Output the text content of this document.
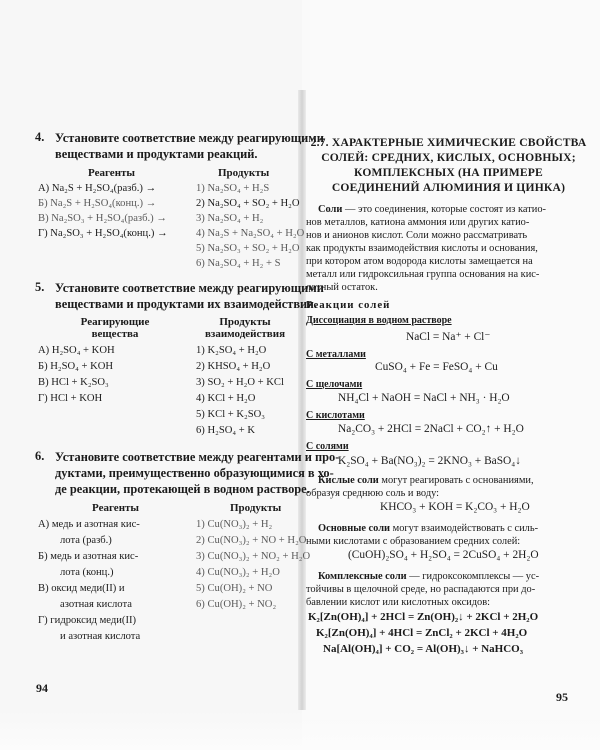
4. Установите соответствие между реагирующими
веществами и продуктами реакций.
Реагенты	Продукты
А) Na₂S + H₂SO₄(разб.) →
Б) Na₂S + H₂SO₄(конц.) →
В) Na₂SO₃ + H₂SO₄(разб.) →
Г) Na₂SO₃ + H₂SO₄(конц.) →
1) Na₂SO₄ + H₂S
2) Na₂SO₄ + SO₂ + H₂O
3) Na₂SO₄ + H₂
4) Na₂S + Na₂SO₄ + H₂O
5) Na₂SO₃ + SO₂ + H₂O
6) Na₂SO₄ + H₂ + S
5. Установите соответствие между реагирующими
веществами и продуктами их взаимодействия.
Реагирующие
вещества
Продукты
взаимодействия
А) H₂SO₄ + KOH
Б) H₂SO₄ + KOH
В) HCl + K₂SO₃
Г) HCl + KOH
1) K₂SO₄ + H₂O
2) KHSO₄ + H₂O
3) SO₂ + H₂O + KCl
4) KCl + H₂O
5) KCl + K₂SO₃
6) H₂SO₄ + K
6. Установите соответствие между реагентами и про-
дуктами, преимущественно образующимися в хо-
де реакции, протекающей в водном растворе.
Реагенты	Продукты
А) медь и азотная кис-
лота (разб.)
Б) медь и азотная кис-
лота (конц.)
В) оксид меди(II) и
азотная кислота
Г) гидроксид меди(II)
и азотная кислота
1) Cu(NO₃)₂ + H₂
2) Cu(NO₃)₂ + NO + H₂O
3) Cu(NO₃)₂ + NO₂ + H₂O
4) Cu(NO₃)₂ + H₂O
5) Cu(OH)₂ + NO
6) Cu(OH)₂ + NO₂
94
2.7. ХАРАКТЕРНЫЕ ХИМИЧЕСКИЕ СВОЙСТВА
СОЛЕЙ: СРЕДНИХ, КИСЛЫХ, ОСНОВНЫХ;
КОМПЛЕКСНЫХ (НА ПРИМЕРЕ
СОЕДИНЕНИЙ АЛЮМИНИЯ И ЦИНКА)
Соли — это соединения, которые состоят из катио-
нов металлов, катиона аммония или других катио-
нов и анионов кислот. Соли можно рассматривать
как продукты взаимодействия кислоты и основания,
при котором атом водорода кислоты замещается на
металл или гидроксильная группа основания на кис-
лотный остаток.
Реакции солей
Диссоциация в водном растворе
NaCl = Na⁺ + Cl⁻
С металлами
CuSO₄ + Fe = FeSO₄ + Cu
С щелочами
NH₄Cl + NaOH = NaCl + NH₃ · H₂O
С кислотами
Na₂CO₃ + 2HCl = 2NaCl + CO₂↑ + H₂O
С солями
K₂SO₄ + Ba(NO₃)₂ = 2KNO₃ + BaSO₄↓
Кислые соли могут реагировать с основаниями,
образуя среднюю соль и воду:
KHCO₃ + KOH = K₂CO₃ + H₂O
Основные соли могут взаимодействовать с силь-
ными кислотами с образованием средних солей:
(CuOH)₂SO₄ + H₂SO₄ = 2CuSO₄ + 2H₂O
Комплексные соли — гидроксокомплексы — ус-
тойчивы в щелочной среде, но распадаются при до-
бавлении кислот или кислотных оксидов:
K₂[Zn(OH)₄] + 2HCl = Zn(OH)₂↓ + 2KCl + 2H₂O
K₂[Zn(OH)₄] + 4HCl = ZnCl₂ + 2KCl + 4H₂O
Na[Al(OH)₄] + CO₂ = Al(OH)₃↓ + NaHCO₃
95
